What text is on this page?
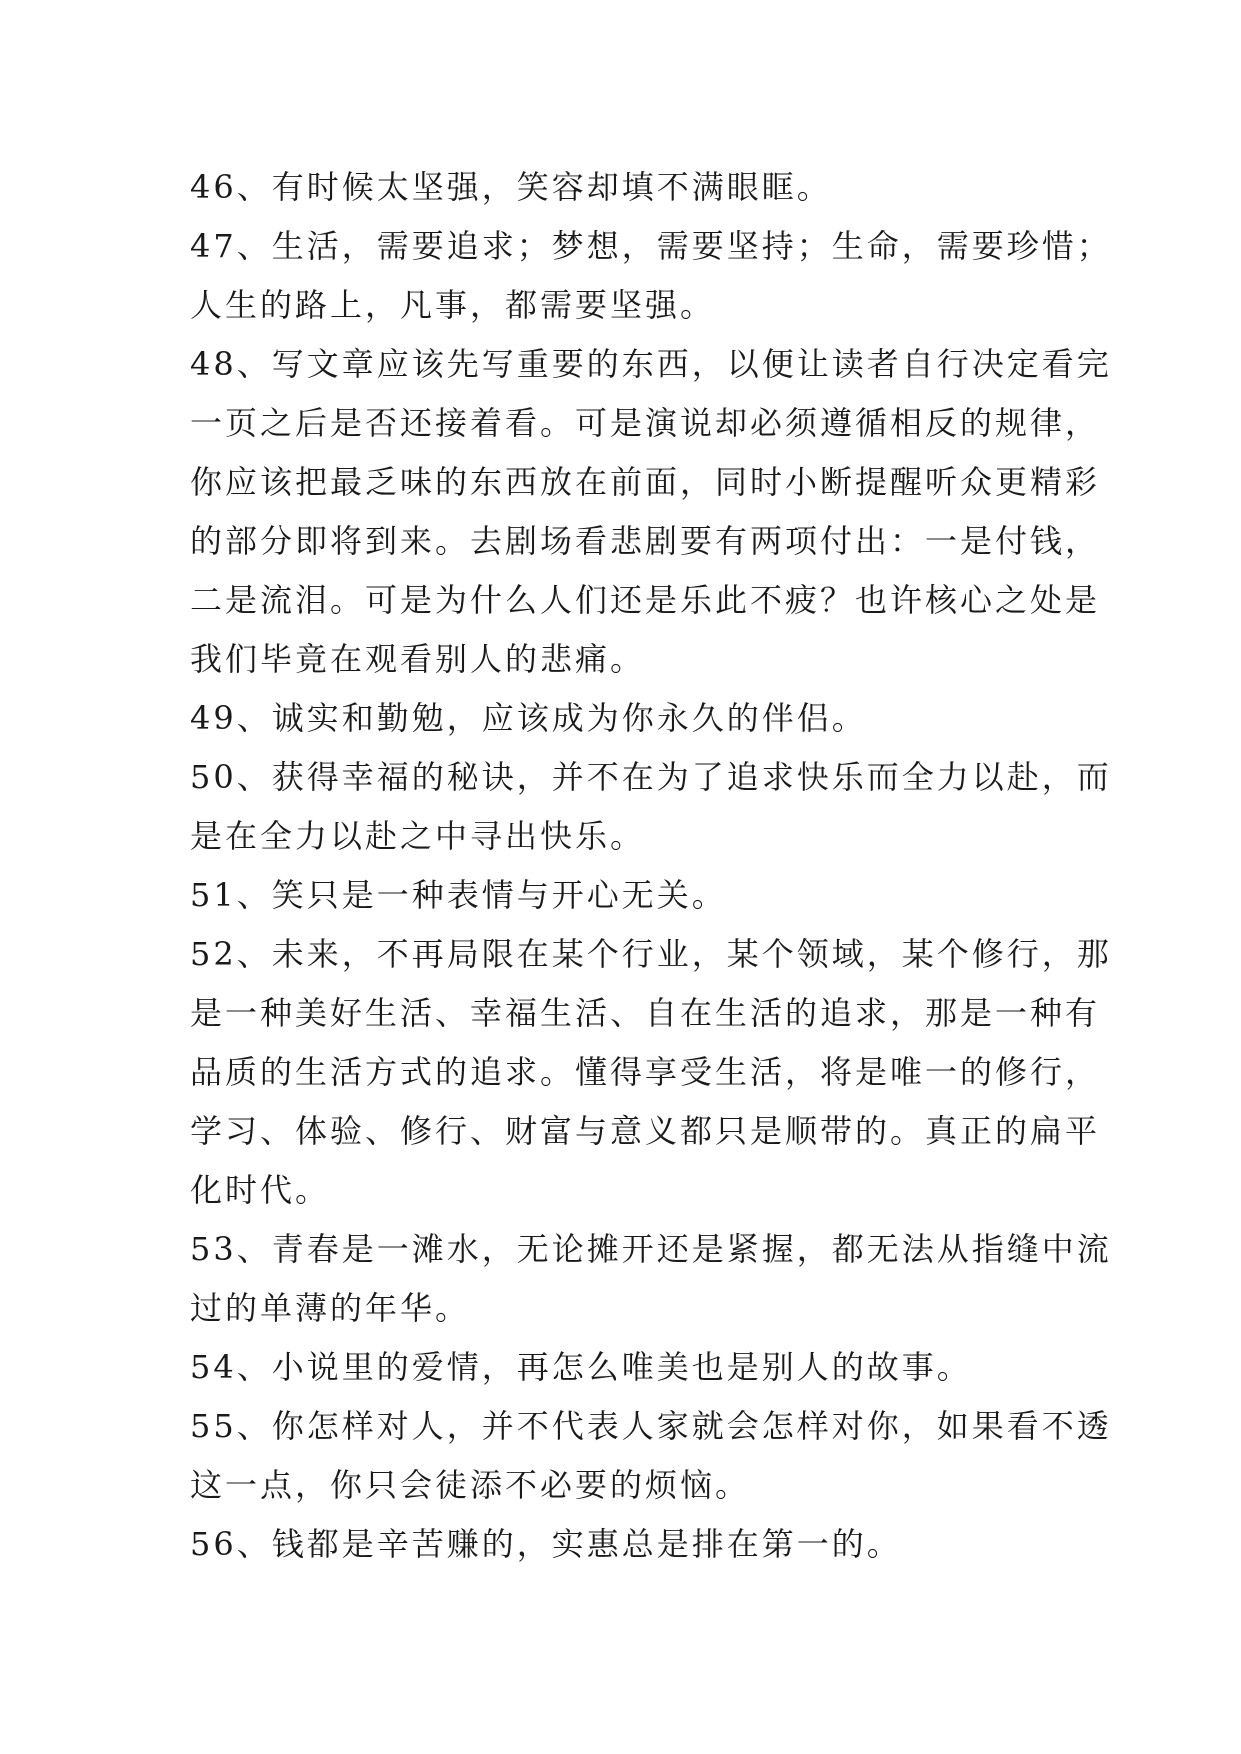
46、有时候太坚强，笑容却填不满眼眶。
47、生活，需要追求；梦想，需要坚持；生命，需要珍惜；
人生的路上，凡事，都需要坚强。
48、写文章应该先写重要的东西，以便让读者自行决定看完
一页之后是否还接着看。可是演说却必须遵循相反的规律，
你应该把最乏味的东西放在前面，同时小断提醒听众更精彩
的部分即将到来。去剧场看悲剧要有两项付出：一是付钱，
二是流泪。可是为什么人们还是乐此不疲？也许核心之处是
我们毕竟在观看别人的悲痛。
49、诚实和勤勉，应该成为你永久的伴侣。
50、获得幸福的秘诀，并不在为了追求快乐而全力以赴，而
是在全力以赴之中寻出快乐。
51、笑只是一种表情与开心无关。
52、未来，不再局限在某个行业，某个领域，某个修行，那
是一种美好生活、幸福生活、自在生活的追求，那是一种有
品质的生活方式的追求。懂得享受生活，将是唯一的修行，
学习、体验、修行、财富与意义都只是顺带的。真正的扁平
化时代。
53、青春是一滩水，无论摊开还是紧握，都无法从指缝中流
过的单薄的年华。
54、小说里的爱情，再怎么唯美也是别人的故事。
55、你怎样对人，并不代表人家就会怎样对你，如果看不透
这一点，你只会徒添不必要的烦恼。
56、钱都是辛苦赚的，实惠总是排在第一的。
